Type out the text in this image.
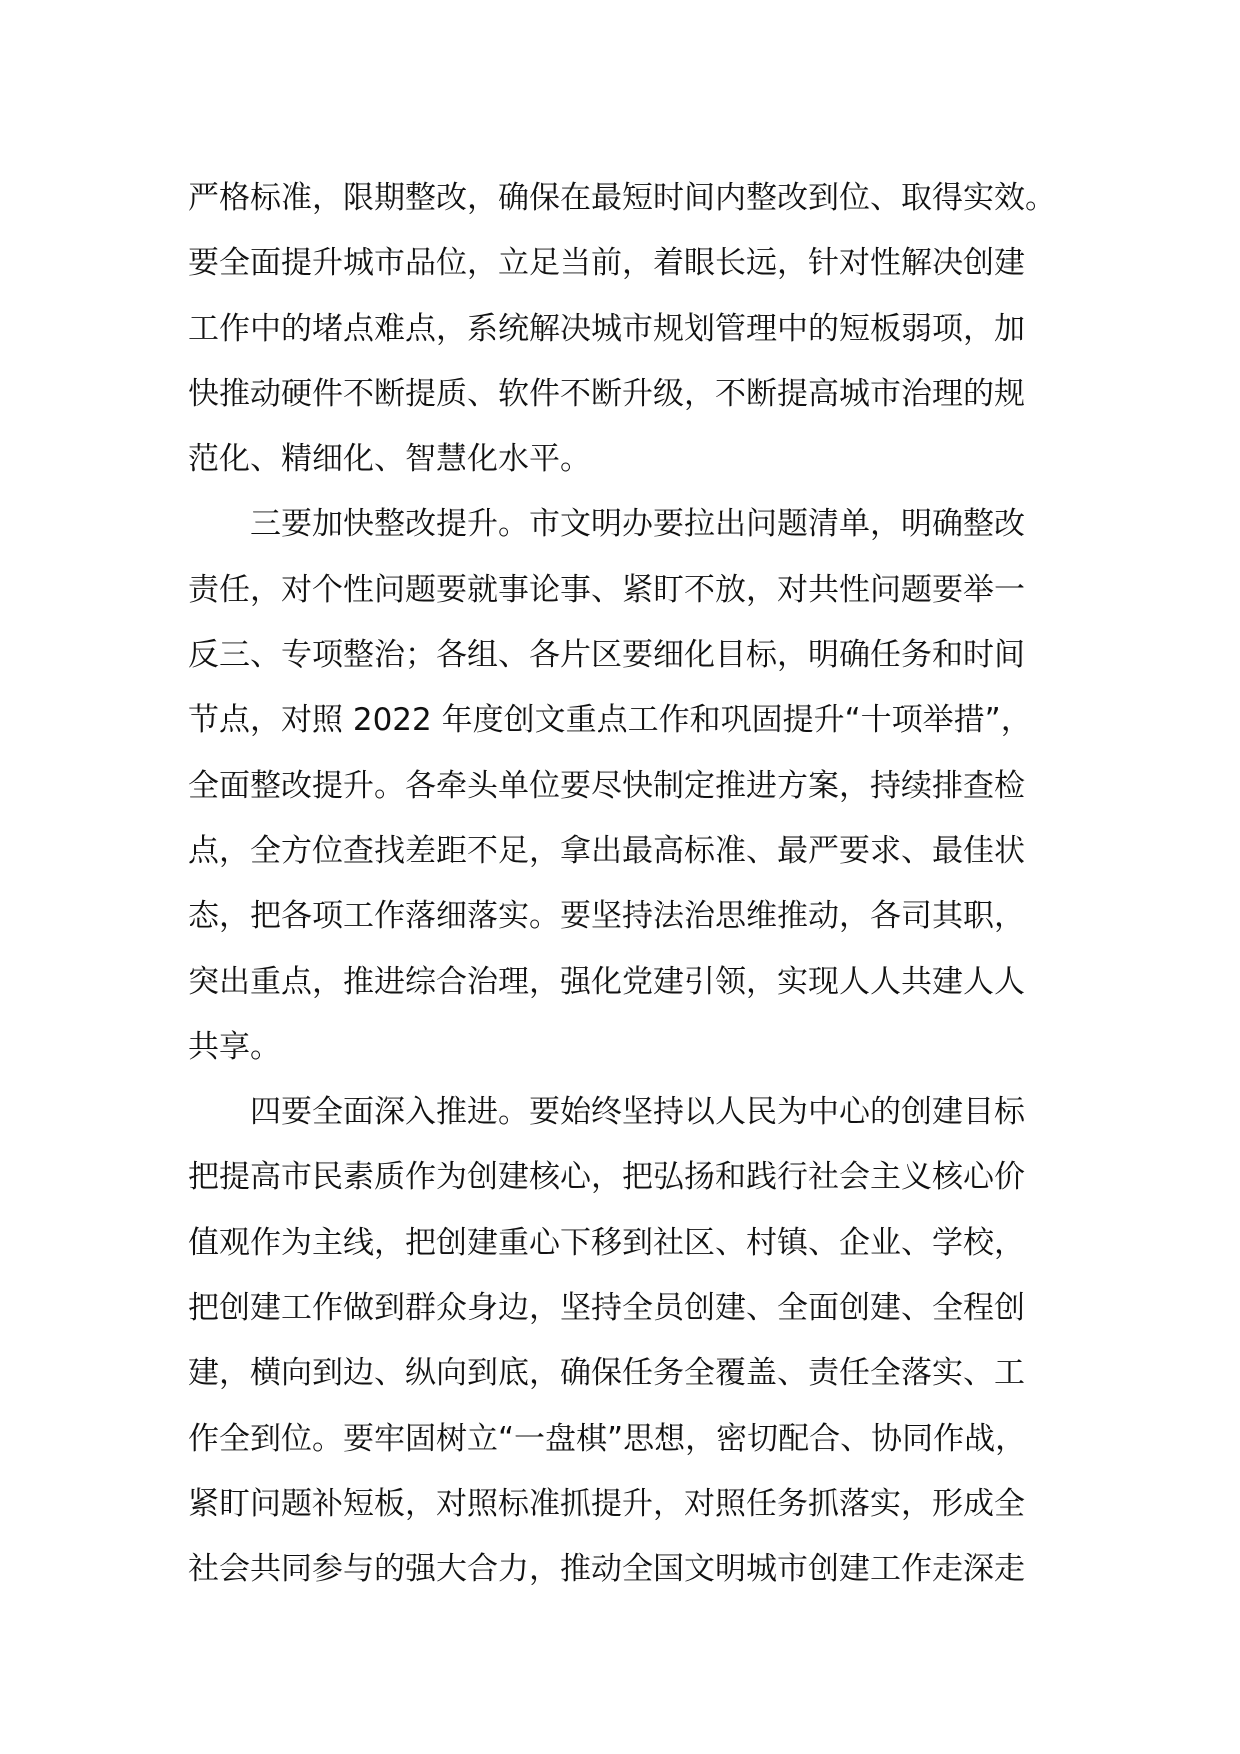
严格标准，限期整改，确保在最短时间内整改到位、取得实效。
要全面提升城市品位，立足当前，着眼长远，针对性解决创建
工作中的堵点难点，系统解决城市规划管理中的短板弱项，加
快推动硬件不断提质、软件不断升级，不断提高城市治理的规
范化、精细化、智慧化水平。
　　三要加快整改提升。市文明办要拉出问题清单，明确整改
责任，对个性问题要就事论事、紧盯不放，对共性问题要举一
反三、专项整治；各组、各片区要细化目标，明确任务和时间
节点，对照 2022 年度创文重点工作和巩固提升“十项举措”，
全面整改提升。各牵头单位要尽快制定推进方案，持续排查检
点，全方位查找差距不足，拿出最高标准、最严要求、最佳状
态，把各项工作落细落实。要坚持法治思维推动，各司其职，
突出重点，推进综合治理，强化党建引领，实现人人共建人人
共享。
　　四要全面深入推进。要始终坚持以人民为中心的创建目标
把提高市民素质作为创建核心，把弘扬和践行社会主义核心价
值观作为主线，把创建重心下移到社区、村镇、企业、学校，
把创建工作做到群众身边，坚持全员创建、全面创建、全程创
建，横向到边、纵向到底，确保任务全覆盖、责任全落实、工
作全到位。要牢固树立“一盘棋”思想，密切配合、协同作战，
紧盯问题补短板，对照标准抓提升，对照任务抓落实，形成全
社会共同参与的强大合力，推动全国文明城市创建工作走深走
